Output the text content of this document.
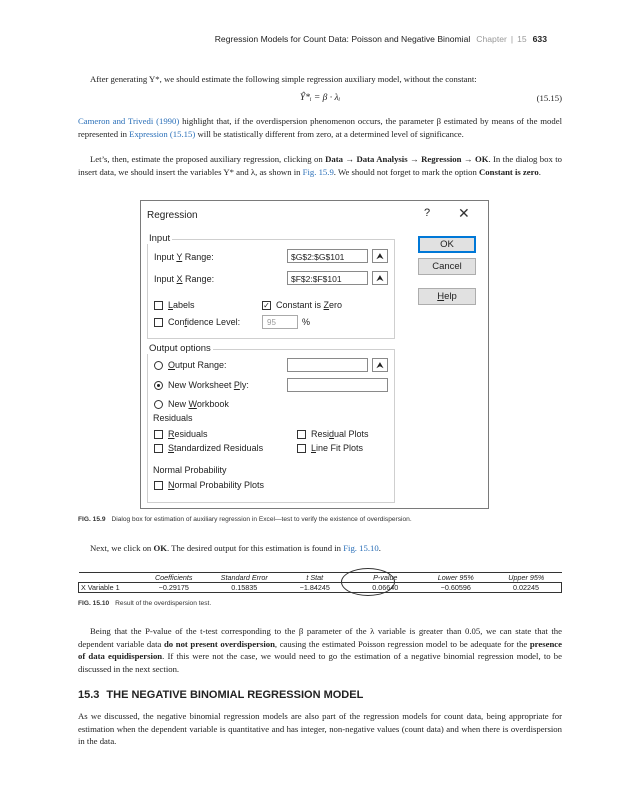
Regression Models for Count Data: Poisson and Negative Binomial Chapter | 15 633
After generating Y*, we should estimate the following simple regression auxiliary model, without the constant:
Ŷ*ᵢ = β · λᵢ	(15.15)
Cameron and Trivedi (1990) highlight that, if the overdispersion phenomenon occurs, the parameter β estimated by means of the model represented in Expression (15.15) will be statistically different from zero, at a determined level of significance.
Let’s, then, estimate the proposed auxiliary regression, clicking on Data → Data Analysis → Regression → OK. In the dialog box to insert data, we should insert the variables Y* and λ, as shown in Fig. 15.9. We should not forget to mark the option Constant is zero.
Regression	? ✕
Input
Input Y Range:	$G$2:$G$101	⮝
Input X Range:	$F$2:$F$101	⮝
Labels	✓ Constant is Zero
Confidence Level:	95	%
OK
Cancel
Help
Output options
Output Range:	⮝
New Worksheet Ply:
New Workbook
Residuals
Residuals	Residual Plots
Standardized Residuals	Line Fit Plots
Normal Probability
Normal Probability Plots
FIG. 15.9 Dialog box for estimation of auxiliary regression in Excel—test to verify the existence of overdispersion.
Next, we click on OK. The desired output for this estimation is found in Fig. 15.10.
	Coefficients	Standard Error	t Stat	P-value	Lower 95%	Upper 95%
X Variable 1	−0.29175	0.15835	−1.84245	0.06640	−0.60596	0.02245
FIG. 15.10 Result of the overdispersion test.
Being that the P-value of the t-test corresponding to the β parameter of the λ variable is greater than 0.05, we can state that the dependent variable data do not present overdispersion, causing the estimated Poisson regression model to be adequate for the presence of data equidispersion. If this were not the case, we would need to go the estimation of a negative binomial regression model, to be discussed in the next section.
15.3 THE NEGATIVE BINOMIAL REGRESSION MODEL
As we discussed, the negative binomial regression models are also part of the regression models for count data, being appropriate for estimation when the dependent variable is quantitative and has integer, non-negative values (count data) and when there is overdispersion in the data.
